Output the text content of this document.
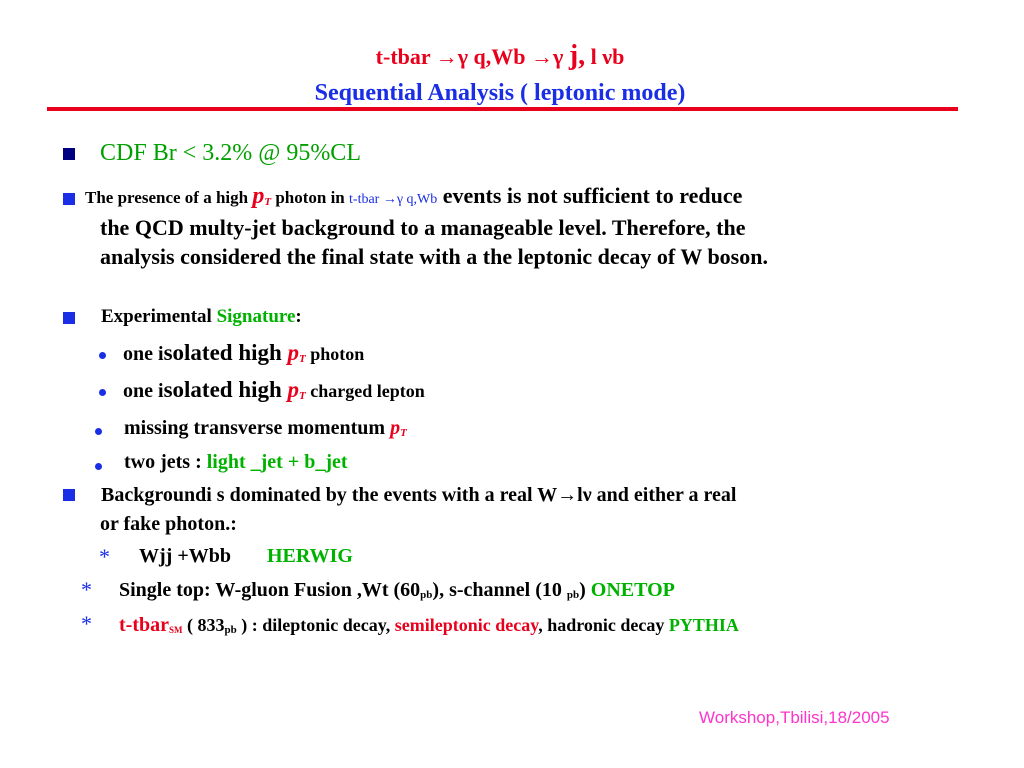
t-tbar →γ q,Wb →γ j, l νb
Sequential Analysis ( leptonic mode)
CDF Br < 3.2% @ 95%CL
The presence of a high pT photon in t-tbar →γ q,Wb events is not sufficient to reduce
the QCD multy-jet background to a manageable level. Therefore, the
analysis considered the final state with a the leptonic decay of W boson.
Experimental Signature:
one isolated high pT photon
one isolated high pT charged lepton
missing transverse momentum pT
two jets : light _jet + b_jet
Backgroundi s dominated by the events with a real W→lν and either a real
or fake photon.:
* Wjj +Wbb HERWIG
* Single top: W-gluon Fusion ,Wt (60pb), s-channel (10 pb) ONETOP
* t-tbar$_{SM}$ ( 833pb ) : dileptonic decay, semileptonic decay, hadronic decay PYTHIA
Workshop,Tbilisi,18/2005
